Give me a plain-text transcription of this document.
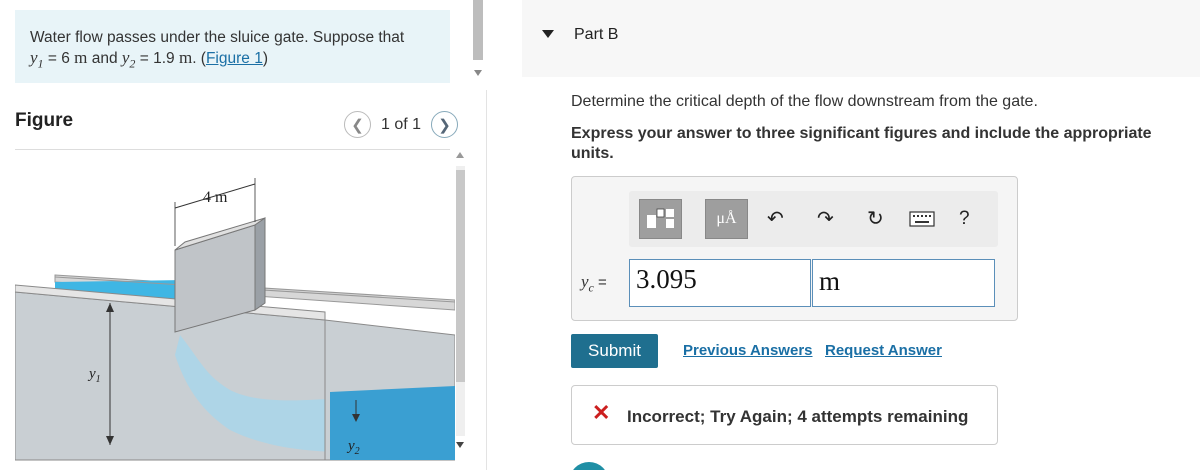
Water flow passes under the sluice gate. Suppose that
$y_1 = 6$ m and $y_2 = 1.9$ m. (Figure 1)
Figure	❮	1 of 1	❯
4 m
$y_1$
$y_2$
Part B
Determine the critical depth of the flow downstream from the gate.
Express your answer to three significant figures and include the appropriate units.
μÅ ↶ ↷ ↻	?
$y_c = 3.095$	m
Submit	Previous Answers Request Answer
✕ Incorrect; Try Again; 4 attempts remaining
